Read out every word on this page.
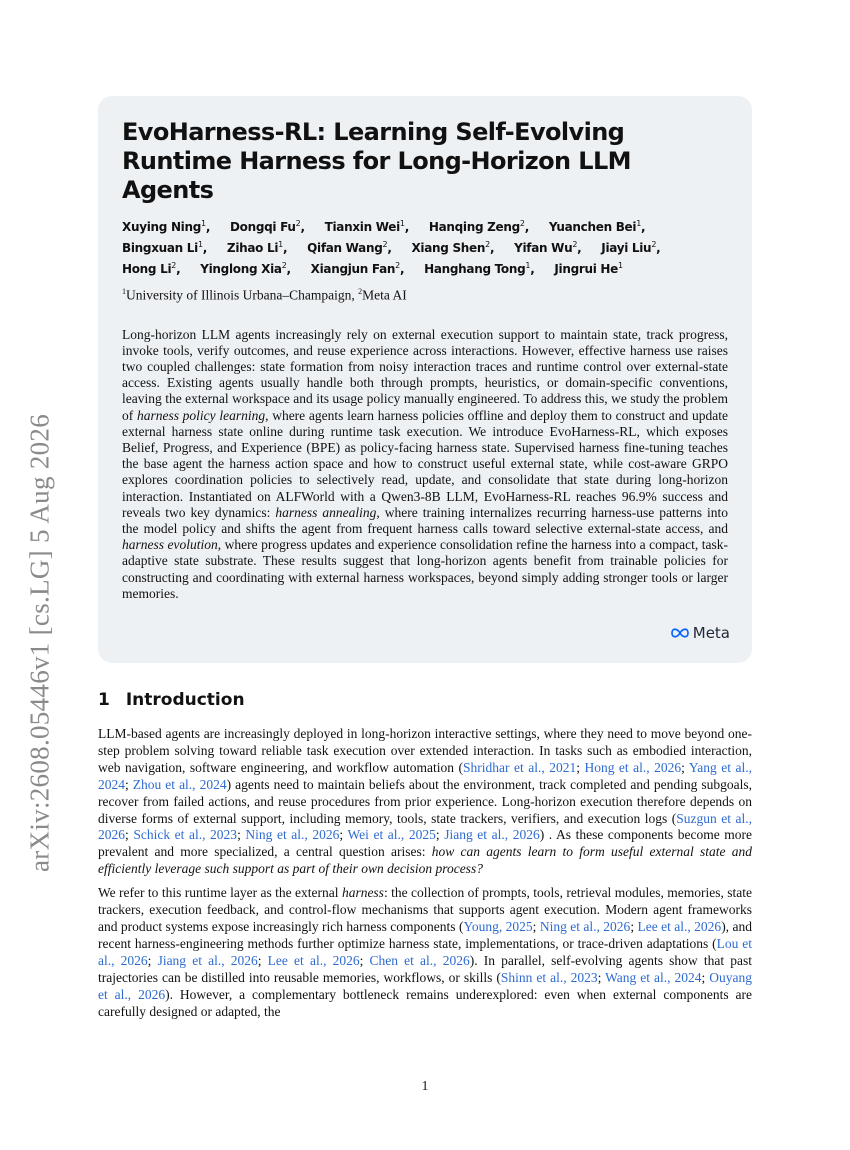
arXiv:2608.05446v1 [cs.LG] 5 Aug 2026
EvoHarness-RL: Learning Self-Evolving Runtime Harness for Long-Horizon LLM Agents
Xuying Ning$^1$, Dongqi Fu$^2$, Tianxin Wei$^1$, Hanqing Zeng$^2$, Yuanchen Bei$^1$, Bingxuan Li$^1$, Zihao Li$^1$, Qifan Wang$^2$, Xiang Shen$^2$, Yifan Wu$^2$, Jiayi Liu$^2$, Hong Li$^2$, Yinglong Xia$^2$, Xiangjun Fan$^2$, Hanghang Tong$^1$, Jingrui He$^1$
$^1$University of Illinois Urbana–Champaign, $^2$Meta AI

Long-horizon LLM agents increasingly rely on external execution support to maintain state, track progress, invoke tools, verify outcomes, and reuse experience across interactions. However, effective harness use raises two coupled challenges: state formation from noisy interaction traces and runtime control over external-state access. Existing agents usually handle both through prompts, heuristics, or domain-specific conventions, leaving the external workspace and its usage policy manually engineered. To address this, we study the problem of harness policy learning, where agents learn harness policies offline and deploy them to construct and update external harness state online during runtime task execution. We introduce EvoHarness-RL, which exposes Belief, Progress, and Experience (BPE) as policy-facing harness state. Supervised harness fine-tuning teaches the base agent the harness action space and how to construct useful external state, while cost-aware GRPO explores coordination policies to selectively read, update, and consolidate that state during long-horizon interaction. Instantiated on ALFWorld with a Qwen3-8B LLM, EvoHarness-RL reaches 96.9% success and reveals two key dynamics: harness annealing, where training internalizes recurring harness-use patterns into the model policy and shifts the agent from frequent harness calls toward selective external-state access, and harness evolution, where progress updates and experience consolidation refine the harness into a compact, task-adaptive state substrate. These results suggest that long-horizon agents benefit from trainable policies for constructing and coordinating with external harness workspaces, beyond simply adding stronger tools or larger memories.

Meta
1 Introduction

LLM-based agents are increasingly deployed in long-horizon interactive settings, where they need to move beyond one-step problem solving toward reliable task execution over extended interaction. In tasks such as embodied interaction, web navigation, software engineering, and workflow automation (Shridhar et al., 2021; Hong et al., 2026; Yang et al., 2024; Zhou et al., 2024) agents need to maintain beliefs about the environment, track completed and pending subgoals, recover from failed actions, and reuse procedures from prior experience. Long-horizon execution therefore depends on diverse forms of external support, including memory, tools, state trackers, verifiers, and execution logs (Suzgun et al., 2026; Schick et al., 2023; Ning et al., 2026; Wei et al., 2025; Jiang et al., 2026) . As these components become more prevalent and more specialized, a central question arises: how can agents learn to form useful external state and efficiently leverage such support as part of their own decision process?

We refer to this runtime layer as the external harness: the collection of prompts, tools, retrieval modules, memories, state trackers, execution feedback, and control-flow mechanisms that supports agent execution. Modern agent frameworks and product systems expose increasingly rich harness components (Young, 2025; Ning et al., 2026; Lee et al., 2026), and recent harness-engineering methods further optimize harness state, implementations, or trace-driven adaptations (Lou et al., 2026; Jiang et al., 2026; Lee et al., 2026; Chen et al., 2026). In parallel, self-evolving agents show that past trajectories can be distilled into reusable memories, workflows, or skills (Shinn et al., 2023; Wang et al., 2024; Ouyang et al., 2026). However, a complementary bottleneck remains underexplored: even when external components are carefully designed or adapted, the

1
